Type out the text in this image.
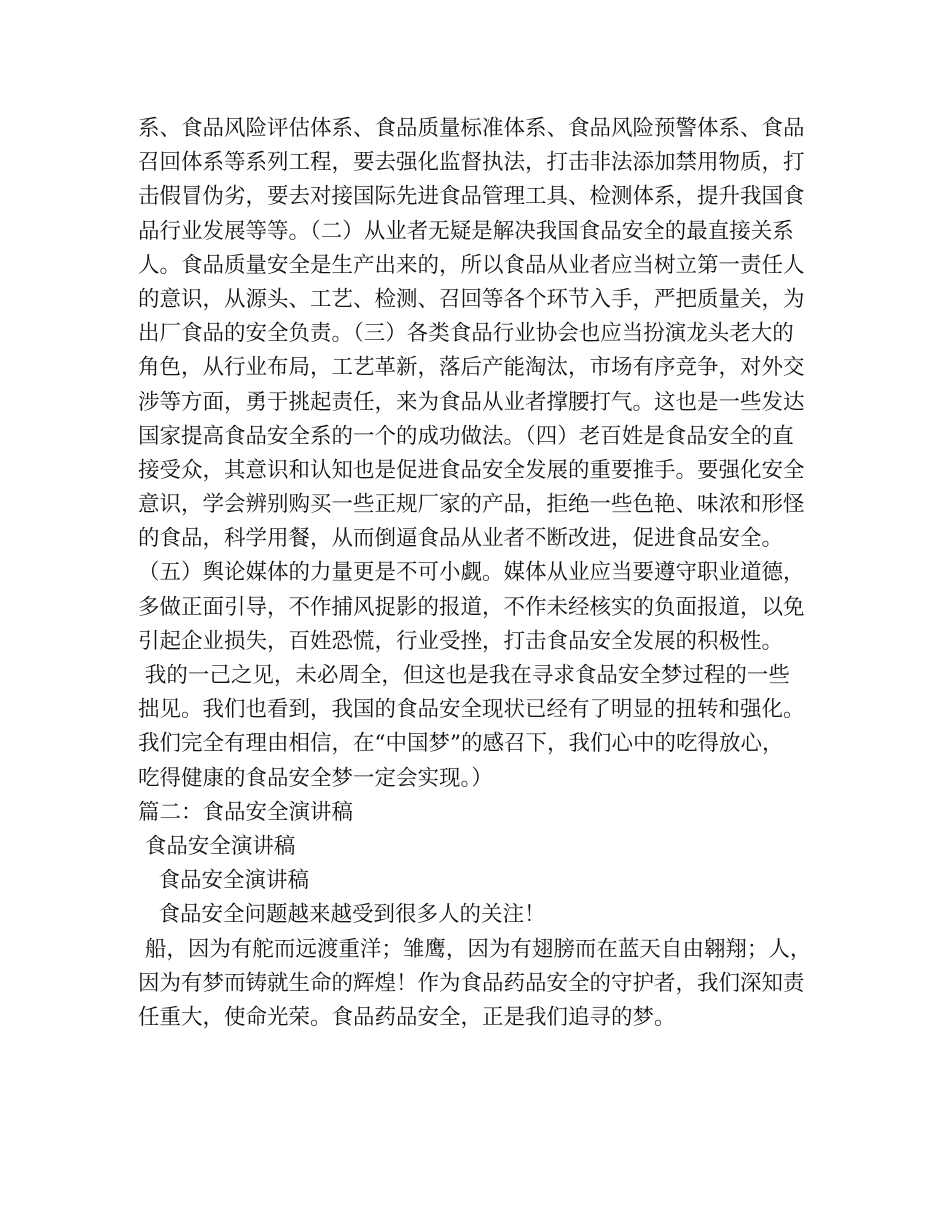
系、食品风险评估体系、食品质量标准体系、食品风险预警体系、食品
召回体系等系列工程，要去强化监督执法，打击非法添加禁用物质，打
击假冒伪劣，要去对接国际先进食品管理工具、检测体系，提升我国食
品行业发展等等。（二）从业者无疑是解决我国食品安全的最直接关系
人。食品质量安全是生产出来的，所以食品从业者应当树立第一责任人
的意识，从源头、工艺、检测、召回等各个环节入手，严把质量关，为
出厂食品的安全负责。（三）各类食品行业协会也应当扮演龙头老大的
角色，从行业布局，工艺革新，落后产能淘汰，市场有序竞争，对外交
涉等方面，勇于挑起责任，来为食品从业者撑腰打气。这也是一些发达
国家提高食品安全系的一个的成功做法。（四）老百姓是食品安全的直
接受众，其意识和认知也是促进食品安全发展的重要推手。要强化安全
意识，学会辨别购买一些正规厂家的产品，拒绝一些色艳、味浓和形怪
的食品，科学用餐，从而倒逼食品从业者不断改进，促进食品安全。
（五）舆论媒体的力量更是不可小觑。媒体从业应当要遵守职业道德，
多做正面引导，不作捕风捉影的报道，不作未经核实的负面报道，以免
引起企业损失，百姓恐慌，行业受挫，打击食品安全发展的积极性。
我的一己之见，未必周全，但这也是我在寻求食品安全梦过程的一些
拙见。我们也看到，我国的食品安全现状已经有了明显的扭转和强化。
我们完全有理由相信，在“中国梦”的感召下，我们心中的吃得放心，
吃得健康的食品安全梦一定会实现。）
篇二：食品安全演讲稿
食品安全演讲稿
食品安全演讲稿
食品安全问题越来越受到很多人的关注！
船，因为有舵而远渡重洋；雏鹰，因为有翅膀而在蓝天自由翱翔；人，
因为有梦而铸就生命的辉煌！作为食品药品安全的守护者，我们深知责
任重大，使命光荣。食品药品安全，正是我们追寻的梦。
